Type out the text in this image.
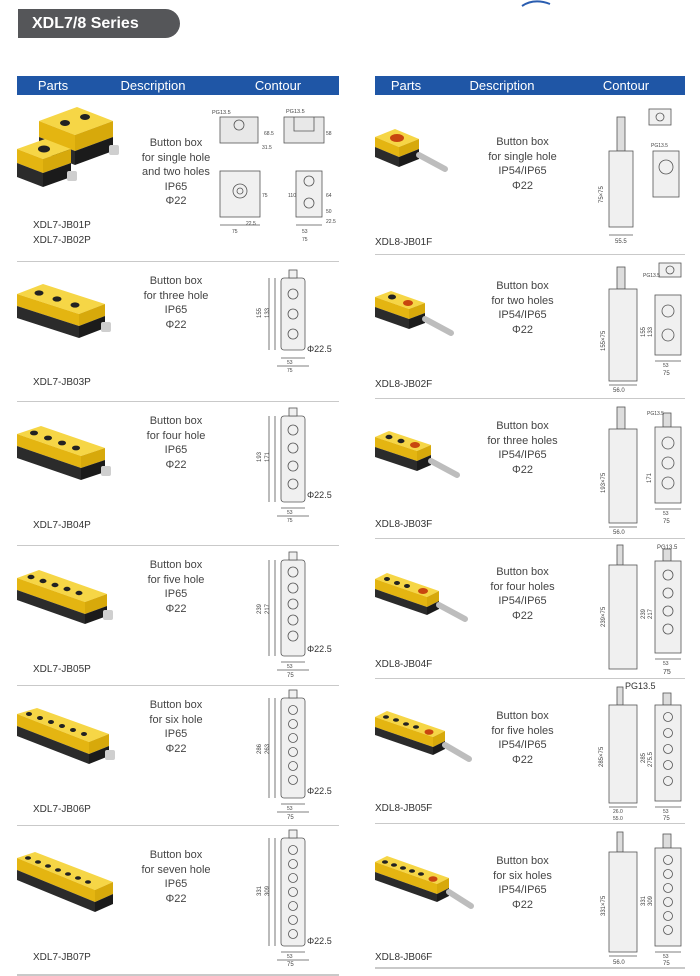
XDL7/8 Series
Parts	Description	Contour
XDL7-JB01P
XDL7-JB02P
Button box
for single hole
and two holes
IP65
Φ22
PG13.5	PG13.5
68.5	58
31.5
75	110	64
75
22.5
53
75
22.5
50
XDL7-JB03P
Button box
for three hole
IP65
Φ22
155 133
53
75
Φ22.5
XDL7-JB04P
Button box
for four hole
IP65
Φ22
193 171
53
75
Φ22.5
XDL7-JB05P
Button box
for five hole
IP65
Φ22	239 217
53
75
Φ22.5
XDL7-JB06P
Button box
for six hole
IP65
Φ22	286 263
53
75
Φ22.5
XDL7-JB07P
Button box
for seven hole
IP65
Φ22
331 309
53
75
Φ22.5
Parts	Description	Contour
XDL8-JB01F
Button box
for single hole
IP54/IP65
Φ22
PG13.5
75×75
55.5
XDL8-JB02F
Button box
for two holes
IP54/IP65
Φ22
PG13.5
155×75	155 133
56.0
53
75
XDL8-JB03F
Button box
for three holes
IP54/IP65
Φ22
PG13.5
193×75	171
56.0
53
75
XDL8-JB04F
Button box
for four holes
IP54/IP65
Φ22
PG13.5
239×75	239 217
53
75
XDL8-JB05F
Button box
for five holes
IP54/IP65
Φ22
PG13.5
285×75	285 275.5
26.0
55.0
53
75
XDL8-JB06F
Button box
for six holes
IP54/IP65
Φ22	331×75	331 309
56.0
53
75
